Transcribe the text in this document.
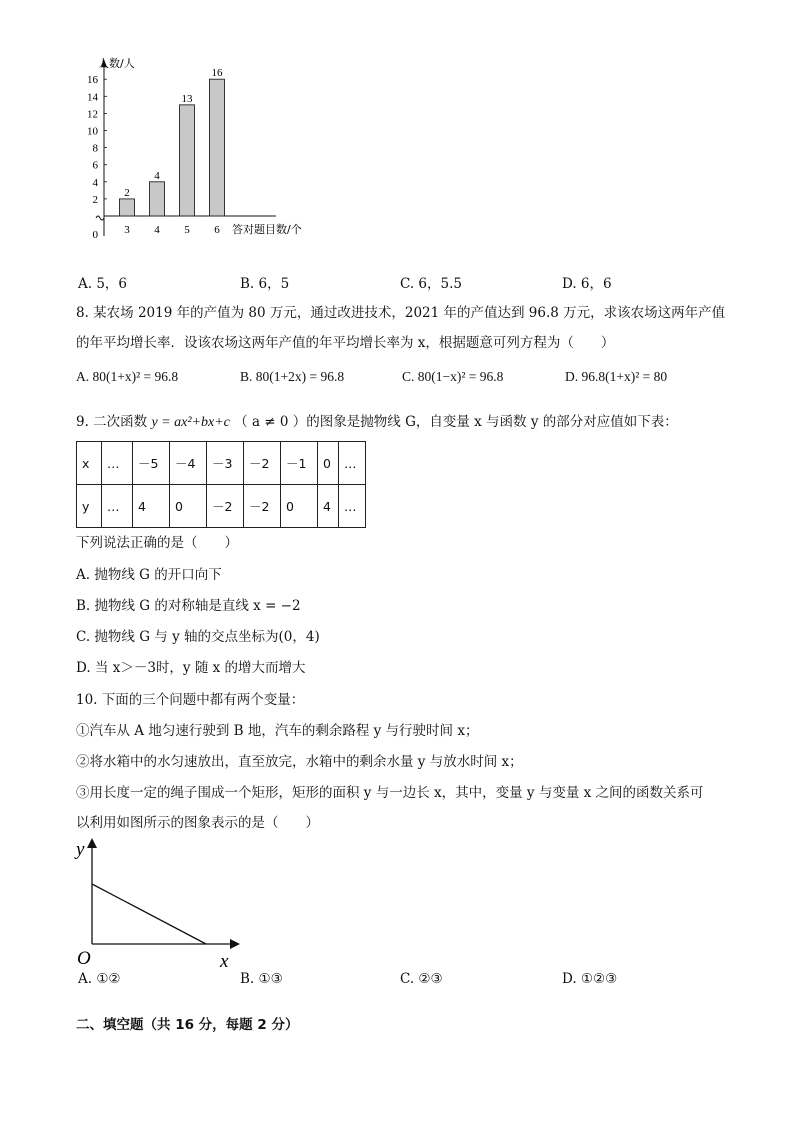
人数/人
0
2
4
6
8
10
12
14
16
2
3
4
4
13
5
16
6 答对题目数/个
A. 5，6	B. 6，5	C. 6，5.5	D. 6，6
8. 某农场 2019 年的产值为 80 万元，通过改进技术，2021 年的产值达到 96.8 万元，求该农场这两年产值
的年平均增长率．设该农场这两年产值的年平均增长率为 x，根据题意可列方程为（　　）
A. 80(1+x)² = 96.8	B. 80(1+2x) = 96.8	C. 80(1−x)² = 96.8	D. 96.8(1+x)² = 80
9. 二次函数 y = ax²+bx+c （ a ≠ 0 ）的图象是抛物线 G，自变量 x 与函数 y 的部分对应值如下表：
x	…	－5	－4	－3	－2	－1	0	…
y	…	4	0	－2	－2	0	4	…
下列说法正确的是（　　）
A. 抛物线 G 的开口向下
B. 抛物线 G 的对称轴是直线 x = −2
C. 抛物线 G 与 y 轴的交点坐标为(0，4)
D. 当 x＞－3时，y 随 x 的增大而增大
10. 下面的三个问题中都有两个变量：
①汽车从 A 地匀速行驶到 B 地，汽车的剩余路程 y 与行驶时间 x；
②将水箱中的水匀速放出，直至放完，水箱中的剩余水量 y 与放水时间 x；
③用长度一定的绳子围成一个矩形，矩形的面积 y 与一边长 x，其中，变量 y 与变量 x 之间的函数关系可
以利用如图所示的图象表示的是（　　）
y
x
O
A. ①②	B. ①③	C. ②③	D. ①②③
二、填空题（共 16 分，每题 2 分）
